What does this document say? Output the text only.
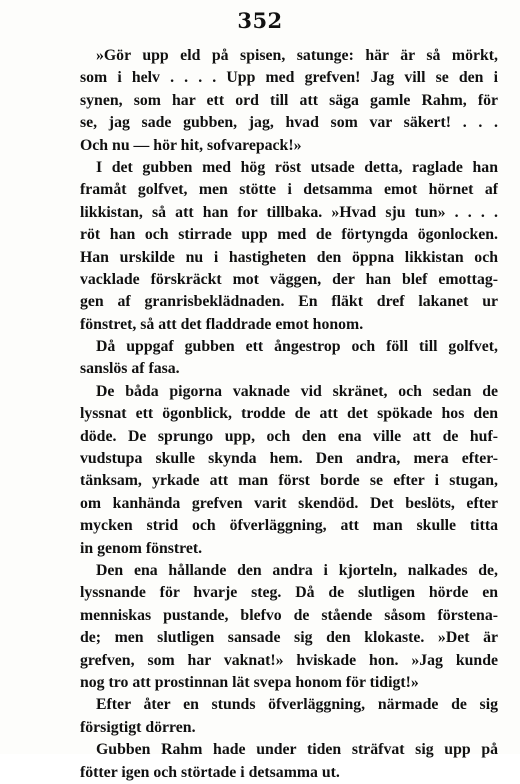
352
»Gör upp eld på spisen, satunge: här är så mörkt,
som i helv . . . . Upp med grefven! Jag vill se den i
synen, som har ett ord till att säga gamle Rahm, för
se, jag sade gubben, jag, hvad som var säkert! . . .
Och nu — hör hit, sofvarepack!»
I det gubben med hög röst utsade detta, raglade han
framåt golfvet, men stötte i detsamma emot hörnet af
likkistan, så att han for tillbaka. »Hvad sju tun» . . . .
röt han och stirrade upp med de förtyngda ögonlocken.
Han urskilde nu i hastigheten den öppna likkistan och
vacklade förskräckt mot väggen, der han blef emottag-
gen af granrisbeklädnaden. En fläkt dref lakanet ur
fönstret, så att det fladdrade emot honom.
Då uppgaf gubben ett ångestrop och föll till golfvet,
sanslös af fasa.
De båda pigorna vaknade vid skränet, och sedan de
lyssnat ett ögonblick, trodde de att det spökade hos den
döde. De sprungo upp, och den ena ville att de huf-
vudstupa skulle skynda hem. Den andra, mera efter-
tänksam, yrkade att man först borde se efter i stugan,
om kanhända grefven varit skendöd. Det beslöts, efter
mycken strid och öfverläggning, att man skulle titta
in genom fönstret.
Den ena hållande den andra i kjorteln, nalkades de,
lyssnande för hvarje steg. Då de slutligen hörde en
menniskas pustande, blefvo de stående såsom förstena-
de; men slutligen sansade sig den klokaste. »Det är
grefven, som har vaknat!» hviskade hon. »Jag kunde
nog tro att prostinnan lät svepa honom för tidigt!»
Efter åter en stunds öfverläggning, närmade de sig
försigtigt dörren.
Gubben Rahm hade under tiden sträfvat sig upp på
fötter igen och störtade i detsamma ut.
